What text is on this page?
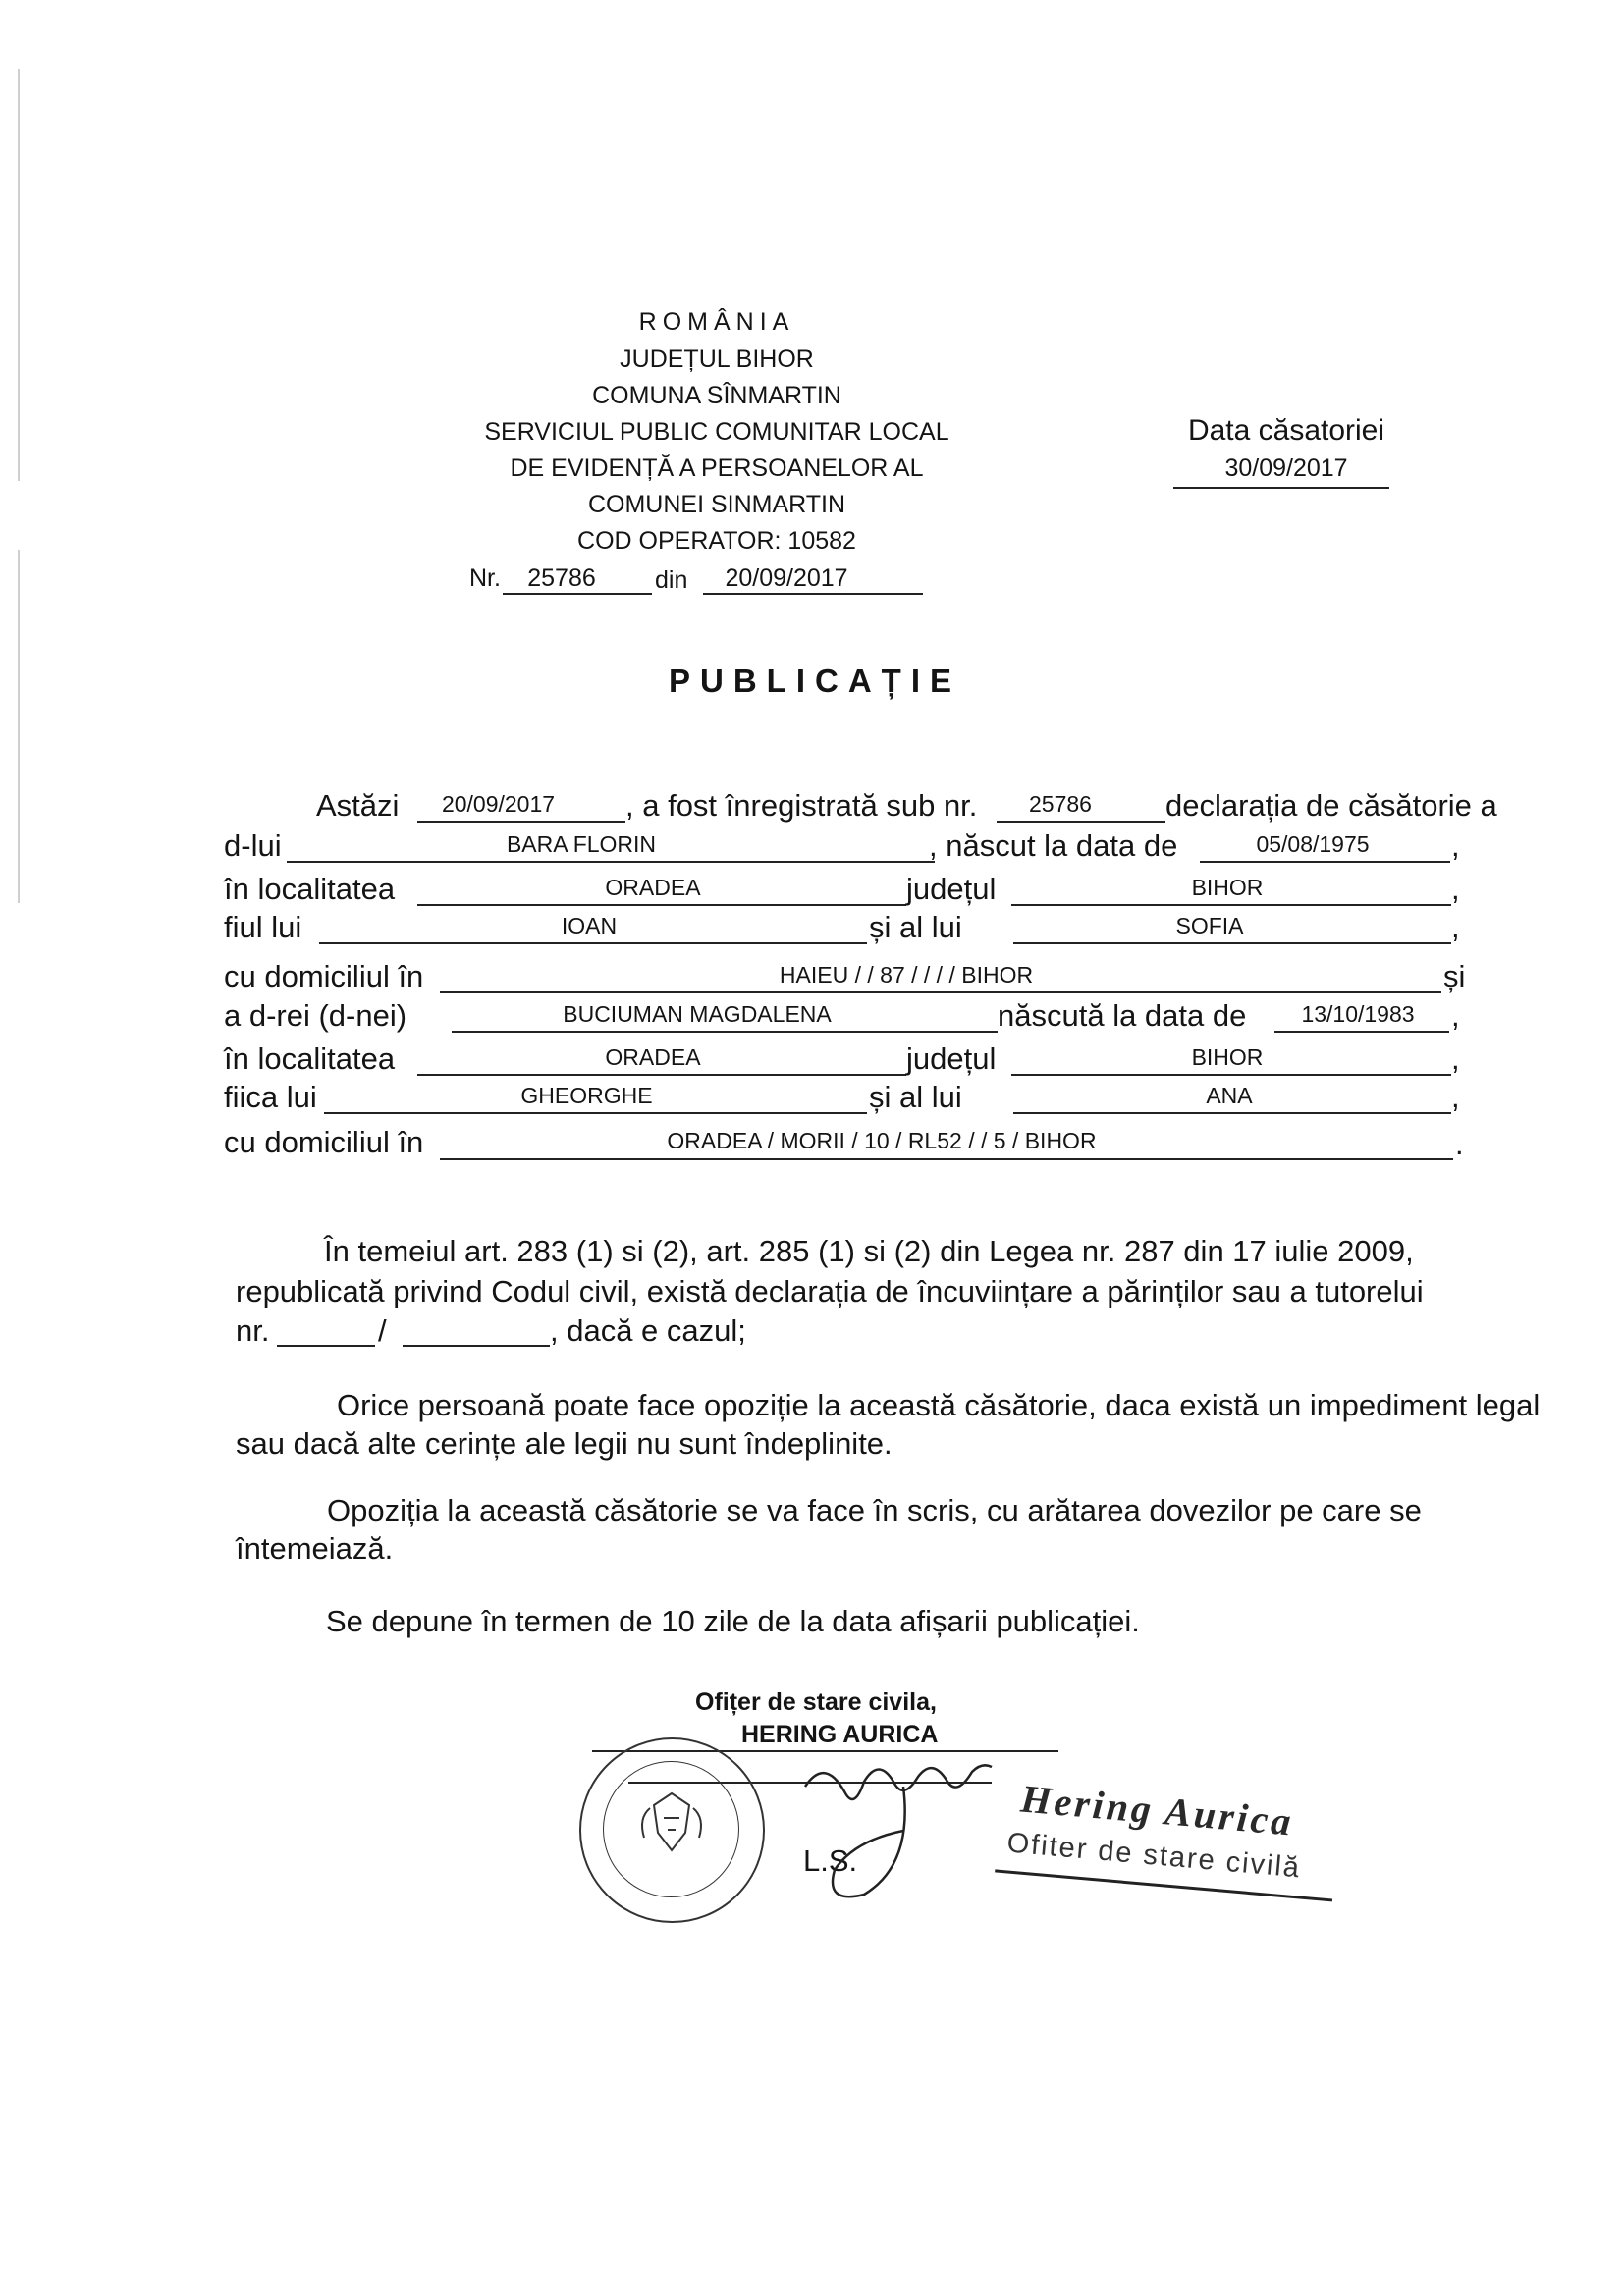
ROMÂNIA
JUDEȚUL BIHOR
COMUNA SÎNMARTIN
SERVICIUL PUBLIC COMUNITAR LOCAL
DE EVIDENȚĂ A PERSOANELOR AL
COMUNEI SINMARTIN
COD OPERATOR: 10582
Nr.	25786	din	20/09/2017
Data căsatoriei
30/09/2017
PUBLICAȚIE
Astăzi	20/09/2017	, a fost înregistrată sub nr.	25786	declarația de căsătorie a
d-lui	BARA FLORIN	, născut la data de	05/08/1975	,
în localitatea	ORADEA	județul	BIHOR	,
fiul lui	IOAN	și al lui	SOFIA	,
cu domiciliul în	HAIEU / / 87 / / / / BIHOR	și
a d-rei (d-nei)	BUCIUMAN MAGDALENA	născută la data de	13/10/1983	,
în localitatea	ORADEA	județul	BIHOR	,
fiica lui	GHEORGHE	și al lui	ANA	,
cu domiciliul în	ORADEA / MORII / 10 / RL52 / / 5 / BIHOR	.
În temeiul art. 283 (1) si (2), art. 285 (1) si (2) din Legea nr. 287 din 17 iulie 2009,
republicată privind Codul civil, există declarația de încuviințare a părinților sau a tutorelui
nr.	/	, dacă e cazul;
Orice persoană poate face opoziție la această căsătorie, daca există un impediment legal sau dacă alte cerințe ale legii nu sunt îndeplinite.
Opoziția la această căsătorie se va face în scris, cu arătarea dovezilor pe care se întemeiază.
Se depune în termen de 10 zile de la data afișarii publicației.
Ofițer de stare civila,
HERING AURICA
L.S.
Hering Aurica
Ofiter de stare civilă
